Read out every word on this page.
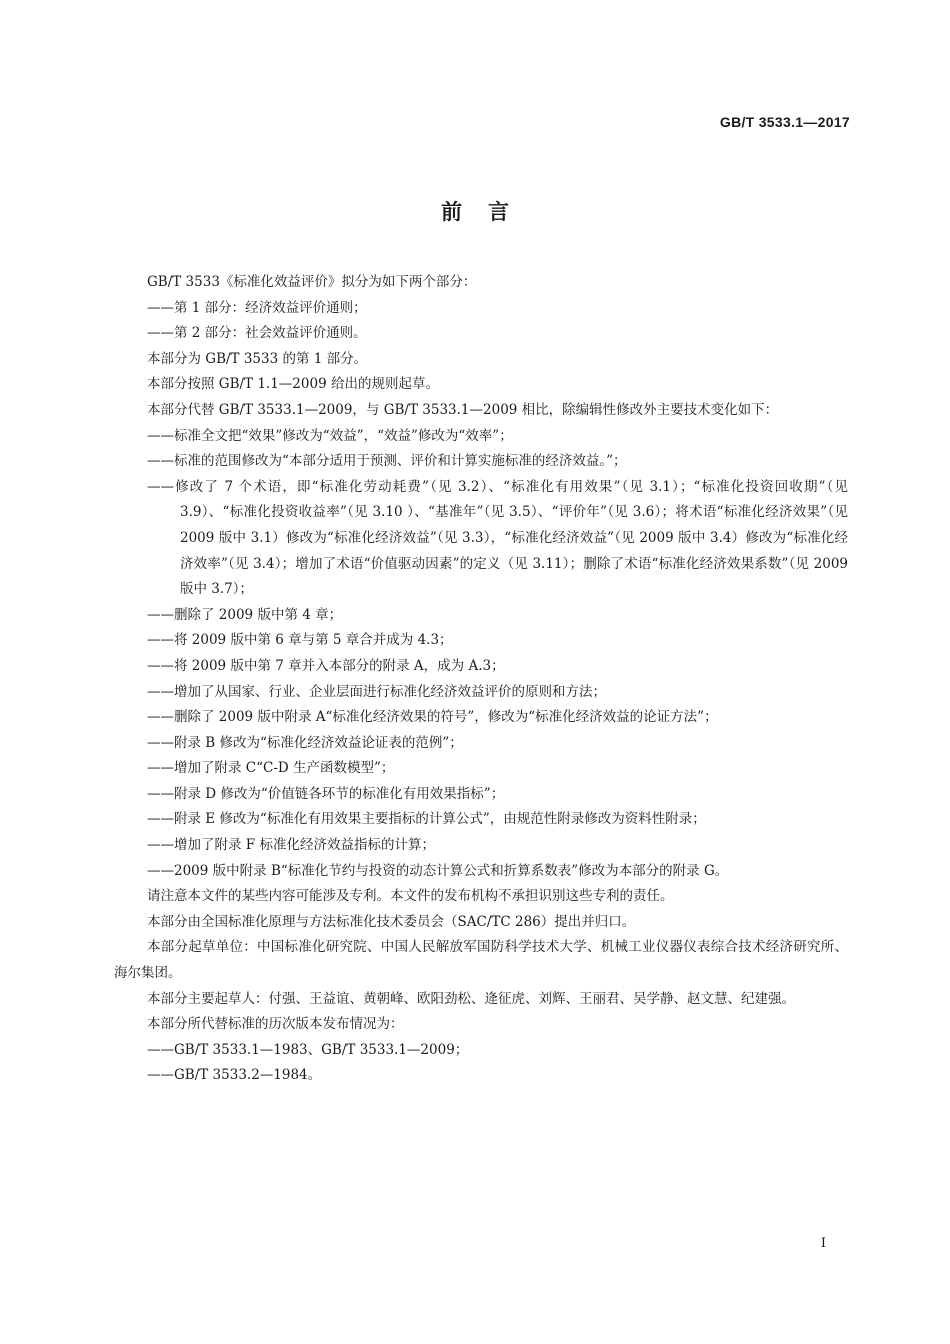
GB/T 3533.1—2017
前言

GB/T 3533《标准化效益评价》拟分为如下两个部分：

——第 1 部分：经济效益评价通则；

——第 2 部分：社会效益评价通则。

本部分为 GB/T 3533 的第 1 部分。

本部分按照 GB/T 1.1—2009 给出的规则起草。

本部分代替 GB/T 3533.1—2009，与 GB/T 3533.1—2009 相比，除编辑性修改外主要技术变化如下：

——标准全文把“效果”修改为“效益”，“效益”修改为“效率”；

——标准的范围修改为“本部分适用于预测、评价和计算实施标准的经济效益。”；

——修改了 7 个术语，即“标准化劳动耗费”（见 3.2）、“标准化有用效果”（见 3.1）；“标准化投资回收期”（见 3.9）、“标准化投资收益率”（见 3.10 ）、“基准年”（见 3.5）、“评价年”（见 3.6）；将术语“标准化经济效果”（见 2009 版中 3.1）修改为“标准化经济效益”（见 3.3），“标准化经济效益”（见 2009 版中 3.4）修改为“标准化经济效率”（见 3.4）；增加了术语“价值驱动因素”的定义（见 3.11）；删除了术语“标准化经济效果系数”（见 2009 版中 3.7）；

——删除了 2009 版中第 4 章；

——将 2009 版中第 6 章与第 5 章合并成为 4.3；

——将 2009 版中第 7 章并入本部分的附录 A，成为 A.3；

——增加了从国家、行业、企业层面进行标准化经济效益评价的原则和方法；

——删除了 2009 版中附录 A“标准化经济效果的符号”，修改为“标准化经济效益的论证方法”；

——附录 B 修改为“标准化经济效益论证表的范例”；

——增加了附录 C“C-D 生产函数模型”；

——附录 D 修改为“价值链各环节的标准化有用效果指标”；

——附录 E 修改为“标准化有用效果主要指标的计算公式”，由规范性附录修改为资料性附录；

——增加了附录 F 标准化经济效益指标的计算；

——2009 版中附录 B“标准化节约与投资的动态计算公式和折算系数表”修改为本部分的附录 G。

请注意本文件的某些内容可能涉及专利。本文件的发布机构不承担识别这些专利的责任。

本部分由全国标准化原理与方法标准化技术委员会（SAC/TC 286）提出并归口。

本部分起草单位：中国标准化研究院、中国人民解放军国防科学技术大学、机械工业仪器仪表综合技术经济研究所、海尔集团。

本部分主要起草人：付强、王益谊、黄朝峰、欧阳劲松、逄征虎、刘辉、王丽君、吴学静、赵文慧、纪建强。

本部分所代替标准的历次版本发布情况为：

——GB/T 3533.1—1983、GB/T 3533.1—2009；

——GB/T 3533.2—1984。

I
